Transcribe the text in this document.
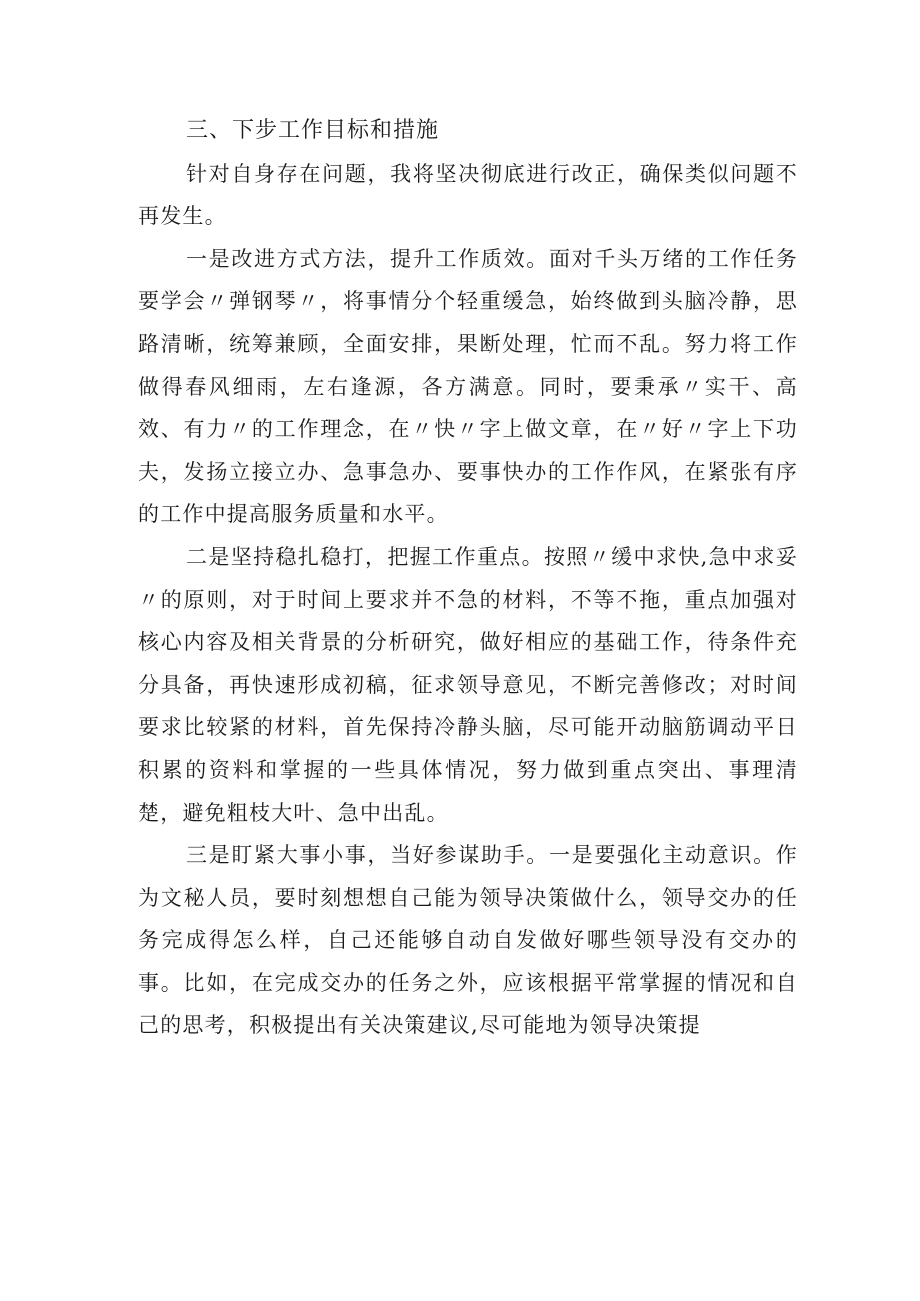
三、下步工作目标和措施

针对自身存在问题，我将坚决彻底进行改正，确保类似问题不再发生。

一是改进方式方法，提升工作质效。面对千头万绪的工作任务要学会〃弹钢琴〃，将事情分个轻重缓急，始终做到头脑冷静，思路清晰，统筹兼顾，全面安排，果断处理，忙而不乱。努力将工作做得春风细雨，左右逢源，各方满意。同时，要秉承〃实干、高效、有力〃的工作理念，在〃快〃字上做文章，在〃好〃字上下功夫，发扬立接立办、急事急办、要事快办的工作作风，在紧张有序的工作中提高服务质量和水平。

二是坚持稳扎稳打，把握工作重点。按照〃缓中求快,急中求妥〃的原则，对于时间上要求并不急的材料，不等不拖，重点加强对核心内容及相关背景的分析研究，做好相应的基础工作，待条件充分具备，再快速形成初稿，征求领导意见，不断完善修改；对时间要求比较紧的材料，首先保持冷静头脑，尽可能开动脑筋调动平日积累的资料和掌握的一些具体情况，努力做到重点突出、事理清楚，避免粗枝大叶、急中出乱。

三是盯紧大事小事，当好参谋助手。一是要强化主动意识。作为文秘人员，要时刻想想自己能为领导决策做什么，领导交办的任务完成得怎么样，自己还能够自动自发做好哪些领导没有交办的事。比如，在完成交办的任务之外，应该根据平常掌握的情况和自己的思考，积极提出有关决策建议,尽可能地为领导决策提
